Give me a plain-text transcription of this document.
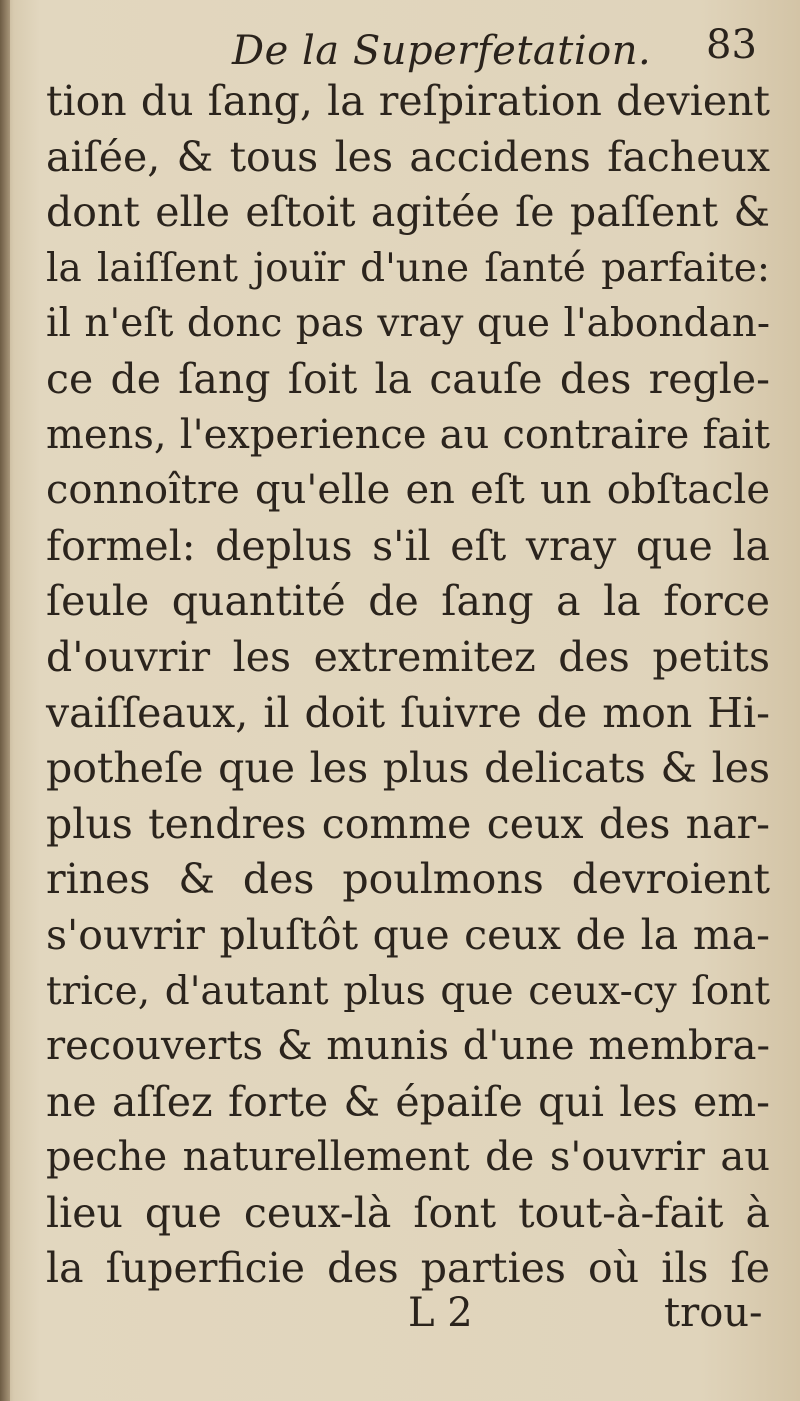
De la Superfetation. 83
tion du ſang, la reſpiration devient
aiſée, & tous les accidens facheux
dont elle eſtoit agitée ſe paſſent &
la laiſſent jouïr d'une ſanté parfaite:
il n'eſt donc pas vray que l'abondan-
ce de ſang ſoit la cauſe des regle-
mens, l'experience au contraire fait
connoître qu'elle en eſt un obſtacle
formel: deplus s'il eſt vray que la
ſeule quantité de ſang a la force
d'ouvrir les extremitez des petits
vaiſſeaux, il doit ſuivre de mon Hi-
potheſe que les plus delicats & les
plus tendres comme ceux des nar-
rines & des poulmons devroient
s'ouvrir pluſtôt que ceux de la ma-
trice, d'autant plus que ceux-cy ſont
recouverts & munis d'une membra-
ne aſſez forte & épaiſe qui les em-
peche naturellement de s'ouvrir au
lieu que ceux-là ſont tout-à-fait à
la ſuperficie des parties où ils ſe
L 2	trou-
